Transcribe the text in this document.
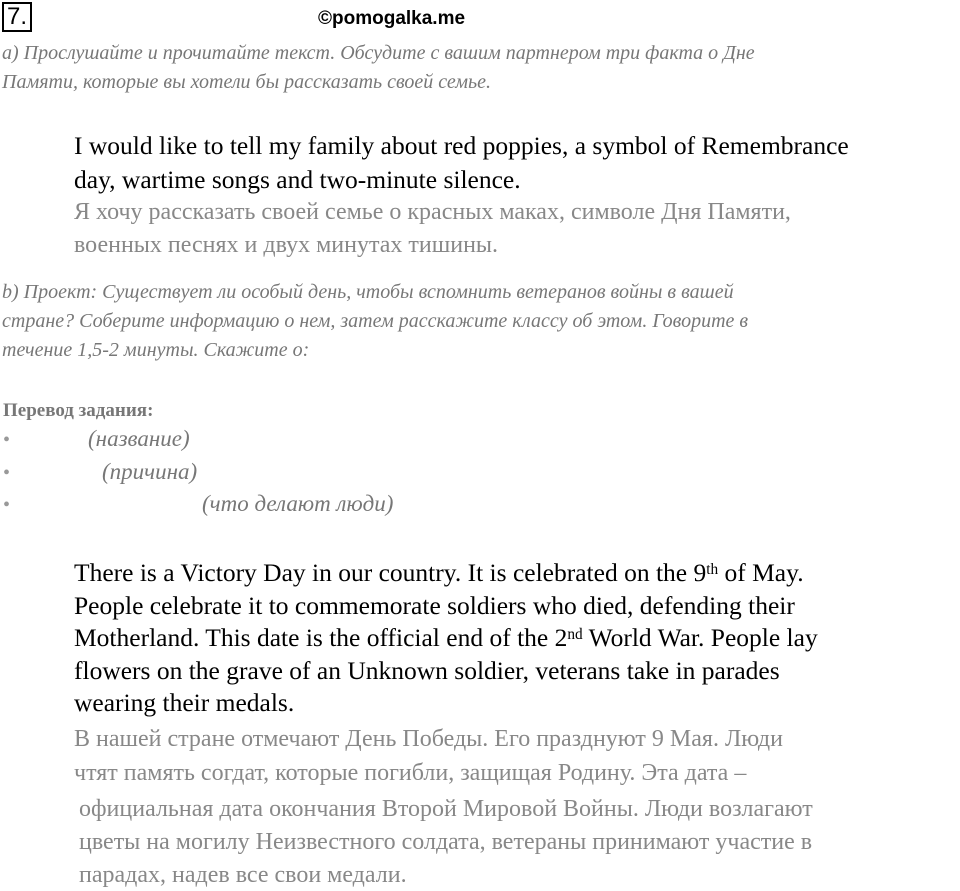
7.	©pomogalka.me
a) Прослушайте и прочитайте текст. Обсудите с вашим партнером три факта о Дне
Памяти, которые вы хотели бы рассказать своей семье.
I would like to tell my family about red poppies, a symbol of Remembrance
day, wartime songs and two-minute silence.
Я хочу рассказать своей семье о красных маках, символе Дня Памяти,
военных песнях и двух минутах тишины.
b) Проект: Существует ли особый день, чтобы вспомнить ветеранов войны в вашей
стране? Соберите информацию о нем, затем расскажите классу об этом. Говорите в
течение 1,5-2 минуты. Скажите о:
Перевод задания:
•	(название)
•	(причина)
•	(что делают люди)
There is a Victory Day in our country. It is celebrated on the 9th of May.
People celebrate it to commemorate soldiers who died, defending their
Motherland. This date is the official end of the 2nd World War. People lay
flowers on the grave of an Unknown soldier, veterans take in parades
wearing their medals.
В нашей стране отмечают День Победы. Его празднуют 9 Мая. Люди
чтят память согдат, которые погибли, защищая Родину. Эта дата –
официальная дата окончания Второй Мировой Войны. Люди возлагают
цветы на могилу Неизвестного солдата, ветераны принимают участие в
парадах, надев все свои медали.
